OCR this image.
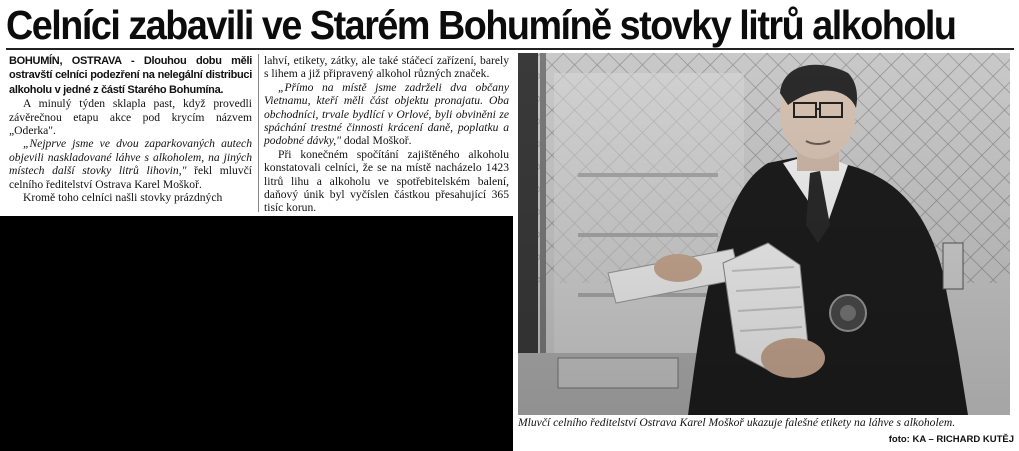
Celníci zabavili ve Starém Bohumíně stovky litrů alkoholu

BOHUMÍN, OSTRAVA - Dlouhou dobu měli ostravští celníci podezření na nelegální distribuci alkoholu v jedné z částí Starého Bohumína.

A minulý týden sklapla past, když provedli závěrečnou etapu akce pod krycím názvem „Oderka".

„Nejprve jsme ve dvou zaparkovaných autech objevili naskladované láhve s alkoholem, na jiných místech další stovky litrů lihovin," řekl mluvčí celního ředitelství Ostrava Karel Moškoř.

Kromě toho celníci našli stovky prázdných

lahví, etikety, zátky, ale také stáčecí zařízení, barely s lihem a již připravený alkohol různých značek.

„Přímo na místě jsme zadrželi dva občany Vietnamu, kteří měli část objektu pronajatu. Oba obchodníci, trvale bydlící v Orlové, byli obviněni ze spáchání trestné činnosti krácení daně, poplatku a podobné dávky," dodal Moškoř.

Při konečném spočítání zajištěného alkoholu konstatovali celníci, že se na místě nacházelo 1423 litrů lihu a alkoholu ve spotřebitelském balení, daňový únik byl vyčíslen částkou přesahující 365 tisíc korun.

Mluvčí celního ředitelství Ostrava Karel Moškoř ukazuje falešné etikety na láhve s alkoholem.
foto: KA – RICHARD KUTĚJ
